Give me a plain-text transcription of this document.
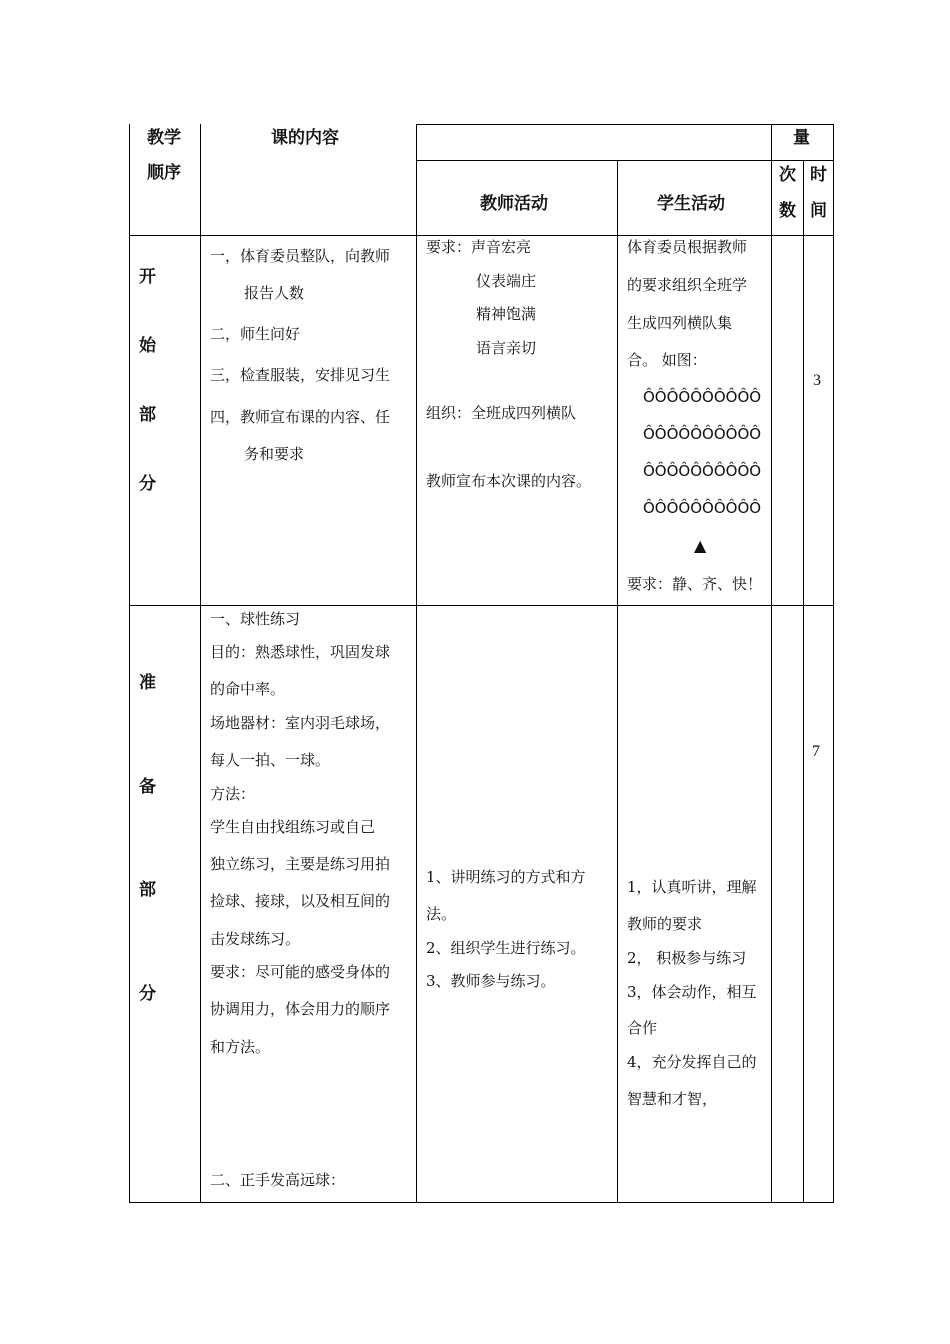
教学
顺序
课的内容	量
教师活动	学生活动
次
数
时
间
开
始
部
分
一，体育委员整队，向教师
报告人数
二，师生问好
三，检查服装，安排见习生
四，教师宣布课的内容、任
务和要求
要求：声音宏亮
仪表端庄
精神饱满
语言亲切
组织：全班成四列横队
教师宣布本次课的内容。
体育委员根据教师
的要求组织全班学
生成四列横队集
合。 如图：
ÔÔÔÔÔÔÔÔÔÔ
ÔÔÔÔÔÔÔÔÔÔ
ÔÔÔÔÔÔÔÔÔÔ
ÔÔÔÔÔÔÔÔÔÔ
▲
要求：静、齐、快！
3
准
备
部
分
一、球性练习
目的：熟悉球性，巩固发球
的命中率。
场地器材：室内羽毛球场，
每人一拍、一球。
方法：
学生自由找组练习或自己
独立练习，主要是练习用拍
捡球、接球，以及相互间的
击发球练习。
要求：尽可能的感受身体的
协调用力，体会用力的顺序
和方法。
二、正手发高远球：
1、讲明练习的方式和方
法。
2、组织学生进行练习。
3、教师参与练习。
1，认真听讲，理解
教师的要求
2， 积极参与练习
3，体会动作，相互
合作
4，充分发挥自己的
智慧和才智，
7
